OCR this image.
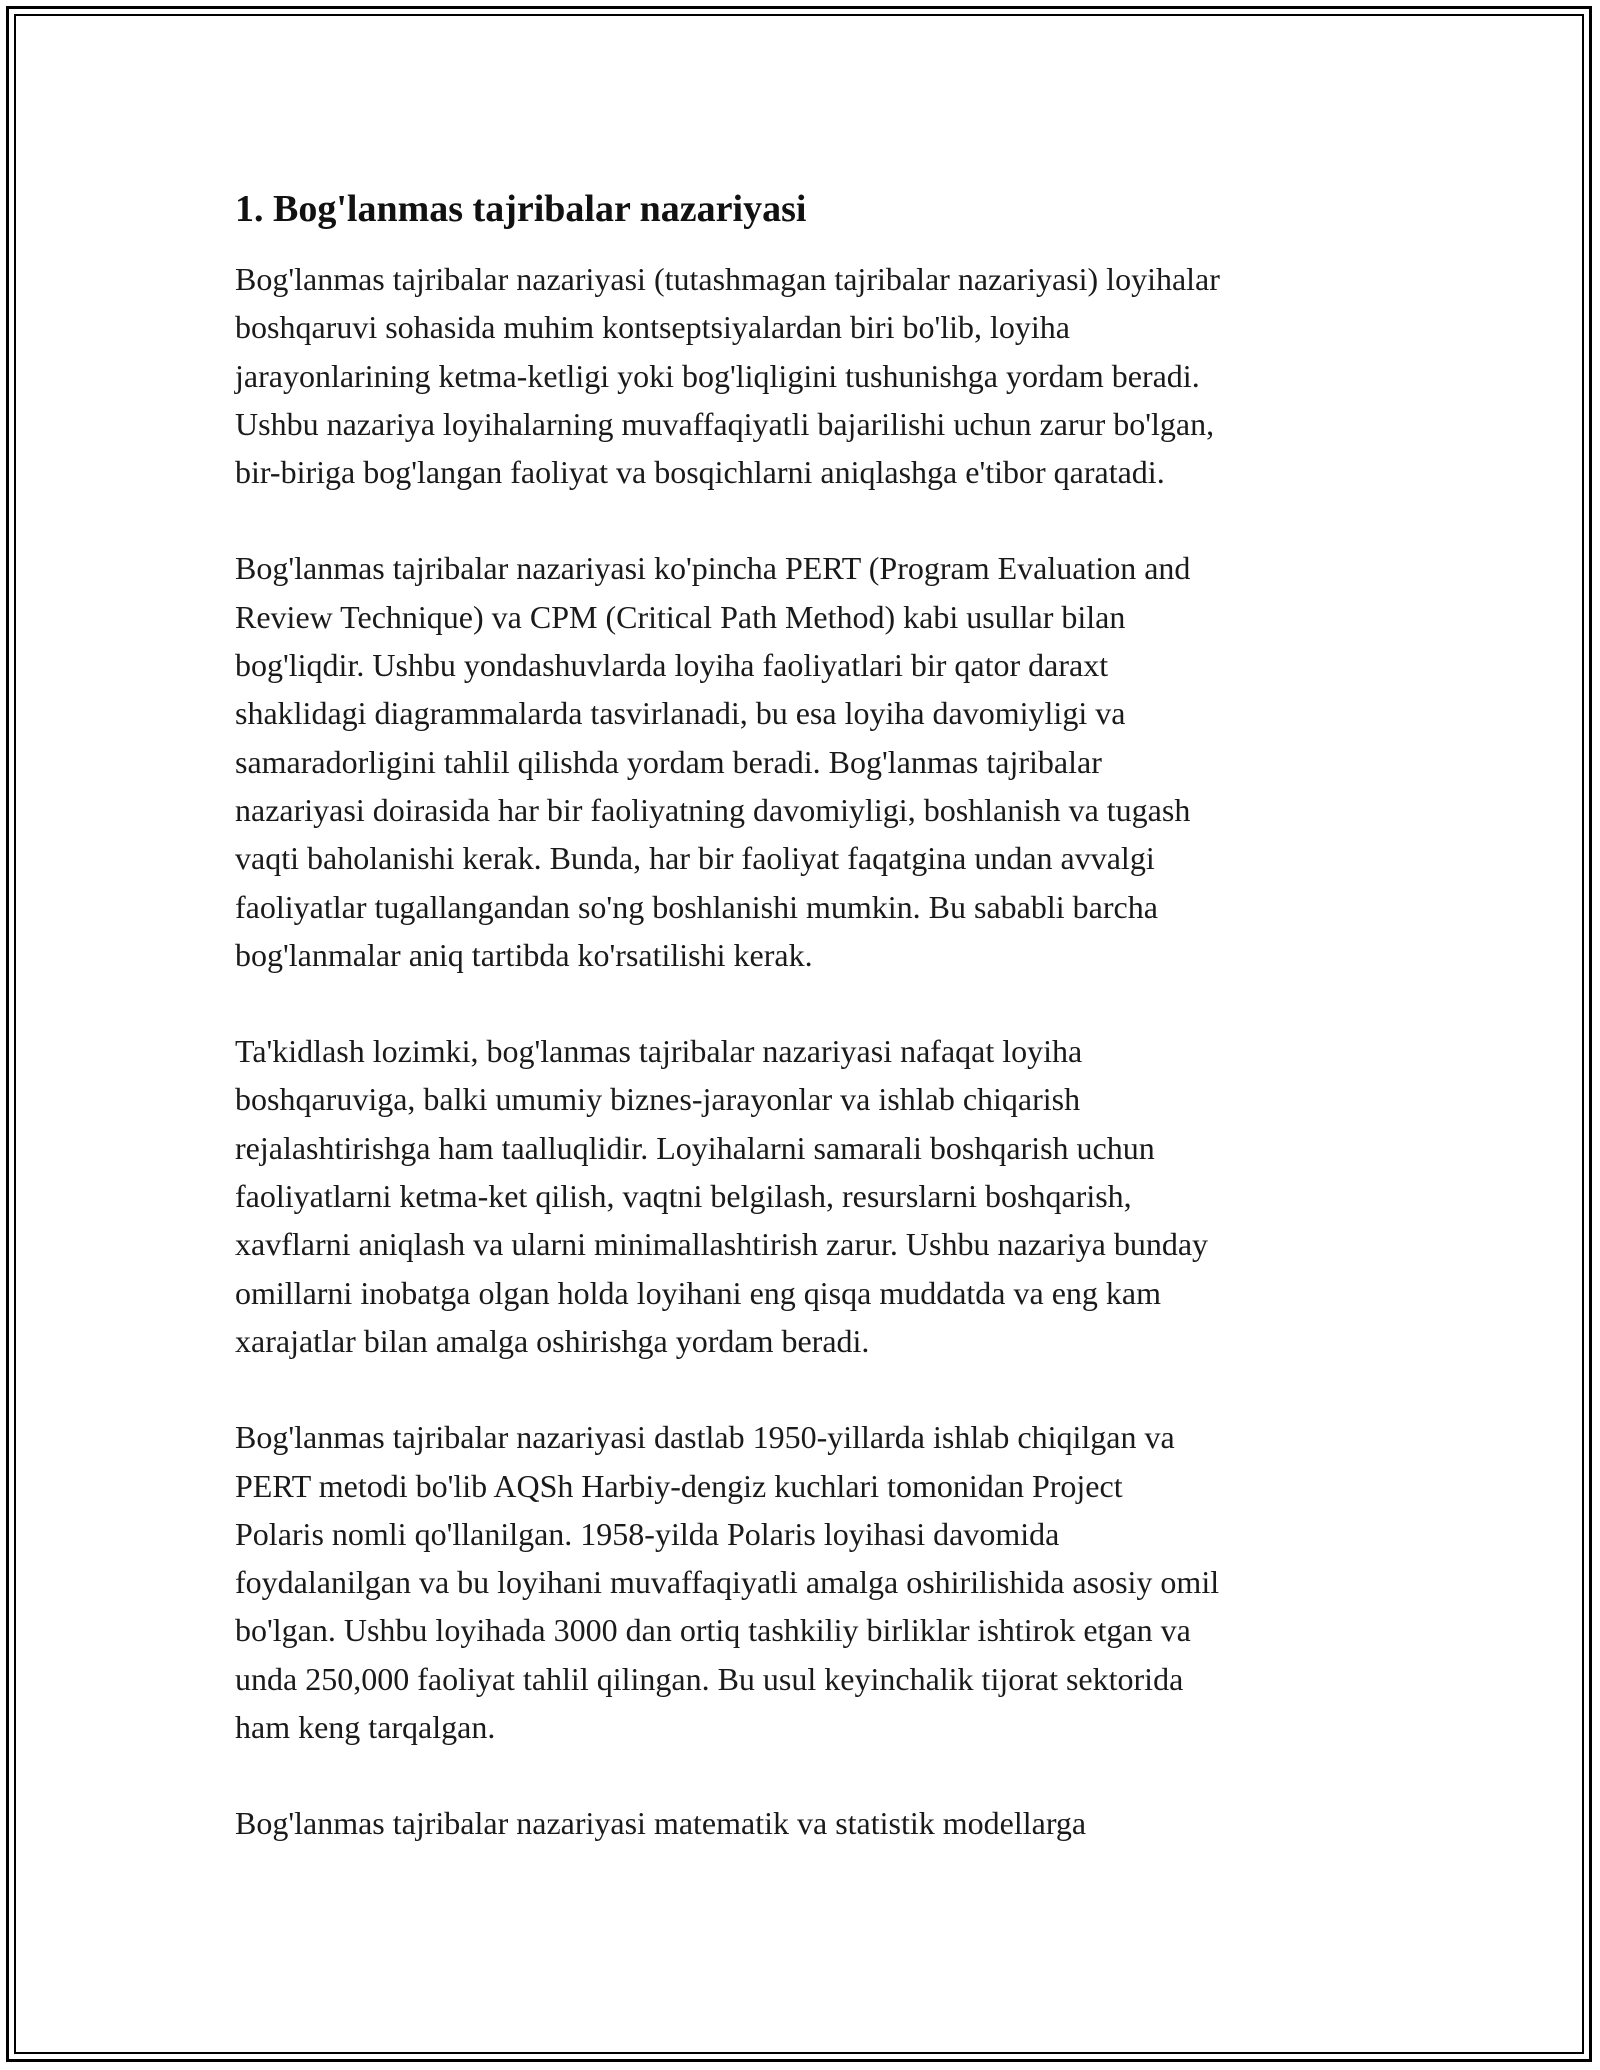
1. Bog'lanmas tajribalar nazariyasi

Bog'lanmas tajribalar nazariyasi (tutashmagan tajribalar nazariyasi) loyihalar
boshqaruvi sohasida muhim kontseptsiyalardan biri bo'lib, loyiha
jarayonlarining ketma-ketligi yoki bog'liqligini tushunishga yordam beradi.
Ushbu nazariya loyihalarning muvaffaqiyatli bajarilishi uchun zarur bo'lgan,
bir-biriga bog'langan faoliyat va bosqichlarni aniqlashga e'tibor qaratadi.

Bog'lanmas tajribalar nazariyasi ko'pincha PERT (Program Evaluation and
Review Technique) va CPM (Critical Path Method) kabi usullar bilan
bog'liqdir. Ushbu yondashuvlarda loyiha faoliyatlari bir qator daraxt
shaklidagi diagrammalarda tasvirlanadi, bu esa loyiha davomiyligi va
samaradorligini tahlil qilishda yordam beradi. Bog'lanmas tajribalar
nazariyasi doirasida har bir faoliyatning davomiyligi, boshlanish va tugash
vaqti baholanishi kerak. Bunda, har bir faoliyat faqatgina undan avvalgi
faoliyatlar tugallangandan so'ng boshlanishi mumkin. Bu sababli barcha
bog'lanmalar aniq tartibda ko'rsatilishi kerak.

Ta'kidlash lozimki, bog'lanmas tajribalar nazariyasi nafaqat loyiha
boshqaruviga, balki umumiy biznes-jarayonlar va ishlab chiqarish
rejalashtirishga ham taalluqlidir. Loyihalarni samarali boshqarish uchun
faoliyatlarni ketma-ket qilish, vaqtni belgilash, resurslarni boshqarish,
xavflarni aniqlash va ularni minimallashtirish zarur. Ushbu nazariya bunday
omillarni inobatga olgan holda loyihani eng qisqa muddatda va eng kam
xarajatlar bilan amalga oshirishga yordam beradi.

Bog'lanmas tajribalar nazariyasi dastlab 1950-yillarda ishlab chiqilgan va
PERT metodi bo'lib AQSh Harbiy-dengiz kuchlari tomonidan Project
Polaris nomli qo'llanilgan. 1958-yilda Polaris loyihasi davomida
foydalanilgan va bu loyihani muvaffaqiyatli amalga oshirilishida asosiy omil
bo'lgan. Ushbu loyihada 3000 dan ortiq tashkiliy birliklar ishtirok etgan va
unda 250,000 faoliyat tahlil qilingan. Bu usul keyinchalik tijorat sektorida
ham keng tarqalgan.

Bog'lanmas tajribalar nazariyasi matematik va statistik modellarga
